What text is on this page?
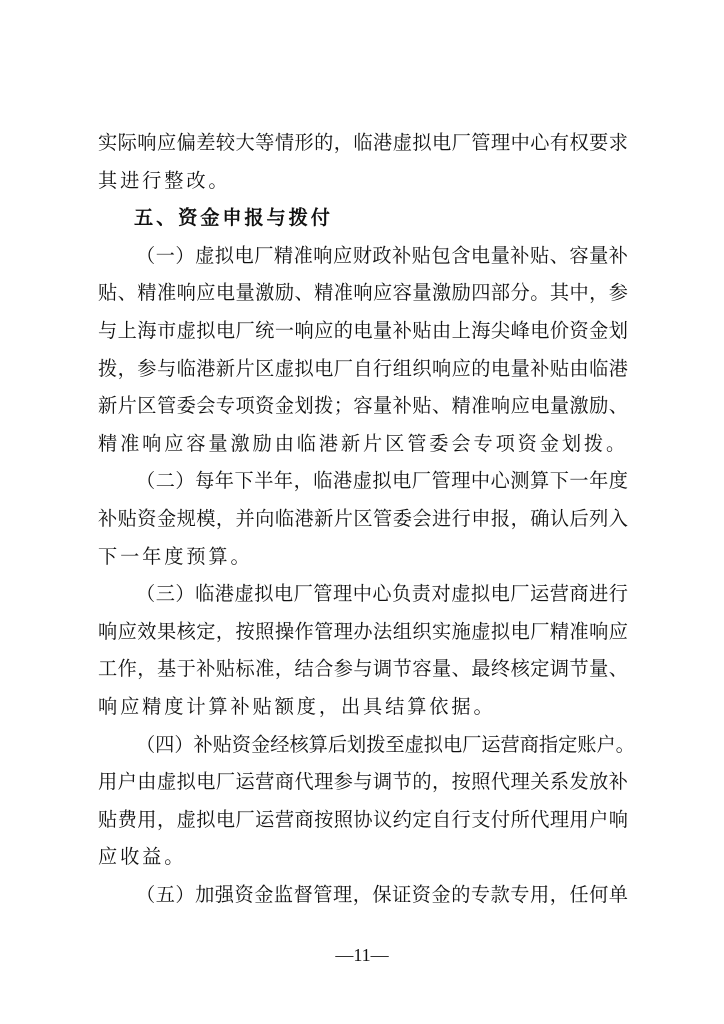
实际响应偏差较大等情形的，临港虚拟电厂管理中心有权要求
其进行整改。
五、资金申报与拨付
（一）虚拟电厂精准响应财政补贴包含电量补贴、容量补
贴、精准响应电量激励、精准响应容量激励四部分。其中，参
与上海市虚拟电厂统一响应的电量补贴由上海尖峰电价资金划
拨，参与临港新片区虚拟电厂自行组织响应的电量补贴由临港
新片区管委会专项资金划拨；容量补贴、精准响应电量激励、
精准响应容量激励由临港新片区管委会专项资金划拨。
（二）每年下半年，临港虚拟电厂管理中心测算下一年度
补贴资金规模，并向临港新片区管委会进行申报，确认后列入
下一年度预算。
（三）临港虚拟电厂管理中心负责对虚拟电厂运营商进行
响应效果核定，按照操作管理办法组织实施虚拟电厂精准响应
工作，基于补贴标准，结合参与调节容量、最终核定调节量、
响应精度计算补贴额度，出具结算依据。
（四）补贴资金经核算后划拨至虚拟电厂运营商指定账户。
用户由虚拟电厂运营商代理参与调节的，按照代理关系发放补
贴费用，虚拟电厂运营商按照协议约定自行支付所代理用户响
应收益。
—11—
（五）加强资金监督管理，保证资金的专款专用，任何单
